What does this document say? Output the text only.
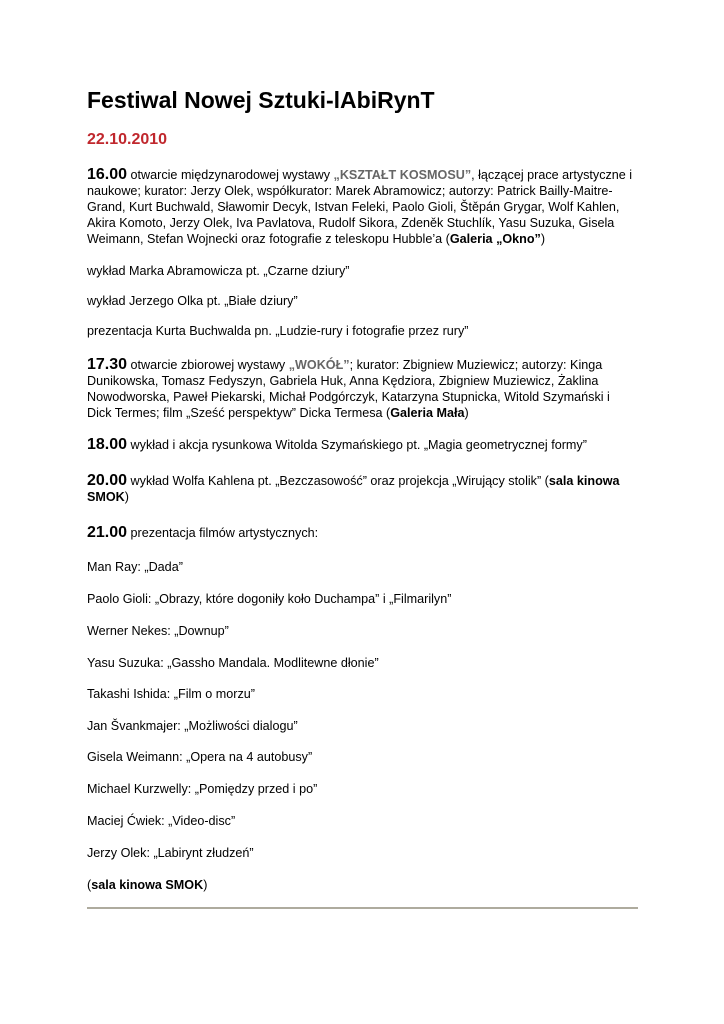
Festiwal Nowej Sztuki-lAbiRynT
22.10.2010
16.00 otwarcie międzynarodowej wystawy „KSZTAŁT KOSMOSU”, łączącej prace artystyczne i naukowe; kurator: Jerzy Olek, współkurator: Marek Abramowicz; autorzy: Patrick Bailly-Maitre-Grand, Kurt Buchwald, Sławomir Decyk, Istvan Feleki, Paolo Gioli, Štěpán Grygar, Wolf Kahlen, Akira Komoto, Jerzy Olek, Iva Pavlatova, Rudolf Sikora, Zdeněk Stuchlík, Yasu Suzuka, Gisela Weimann, Stefan Wojnecki oraz fotografie z teleskopu Hubble’a (Galeria „Okno”)
wykład Marka Abramowicza pt. „Czarne dziury”
wykład Jerzego Olka pt. „Białe dziury”
prezentacja Kurta Buchwalda pn. „Ludzie-rury i fotografie przez rury”
17.30 otwarcie zbiorowej wystawy „WOKÓŁ”; kurator: Zbigniew Muziewicz; autorzy: Kinga Dunikowska, Tomasz Fedyszyn, Gabriela Huk, Anna Kędziora, Zbigniew Muziewicz, Żaklina Nowodworska, Paweł Piekarski, Michał Podgórczyk, Katarzyna Stupnicka, Witold Szymański i Dick Termes; film „Sześć perspektyw” Dicka Termesa (Galeria Mała)
18.00 wykład i akcja rysunkowa Witolda Szymańskiego pt. „Magia geometrycznej formy”
20.00 wykład Wolfa Kahlena pt. „Bezczasowość” oraz projekcja „Wirujący stolik” (sala kinowa SMOK)
21.00 prezentacja filmów artystycznych:
Man Ray: „Dada”
Paolo Gioli: „Obrazy, które dogoniły koło Duchampa” i „Filmarilyn”
Werner Nekes: „Downup”
Yasu Suzuka: „Gassho Mandala. Modlitewne dłonie”
Takashi Ishida: „Film o morzu”
Jan Švankmajer: „Możliwości dialogu”
Gisela Weimann: „Opera na 4 autobusy”
Michael Kurzwelly: „Pomiędzy przed i po”
Maciej Ćwiek: „Video-disc”
Jerzy Olek: „Labirynt złudzeń”
(sala kinowa SMOK)
